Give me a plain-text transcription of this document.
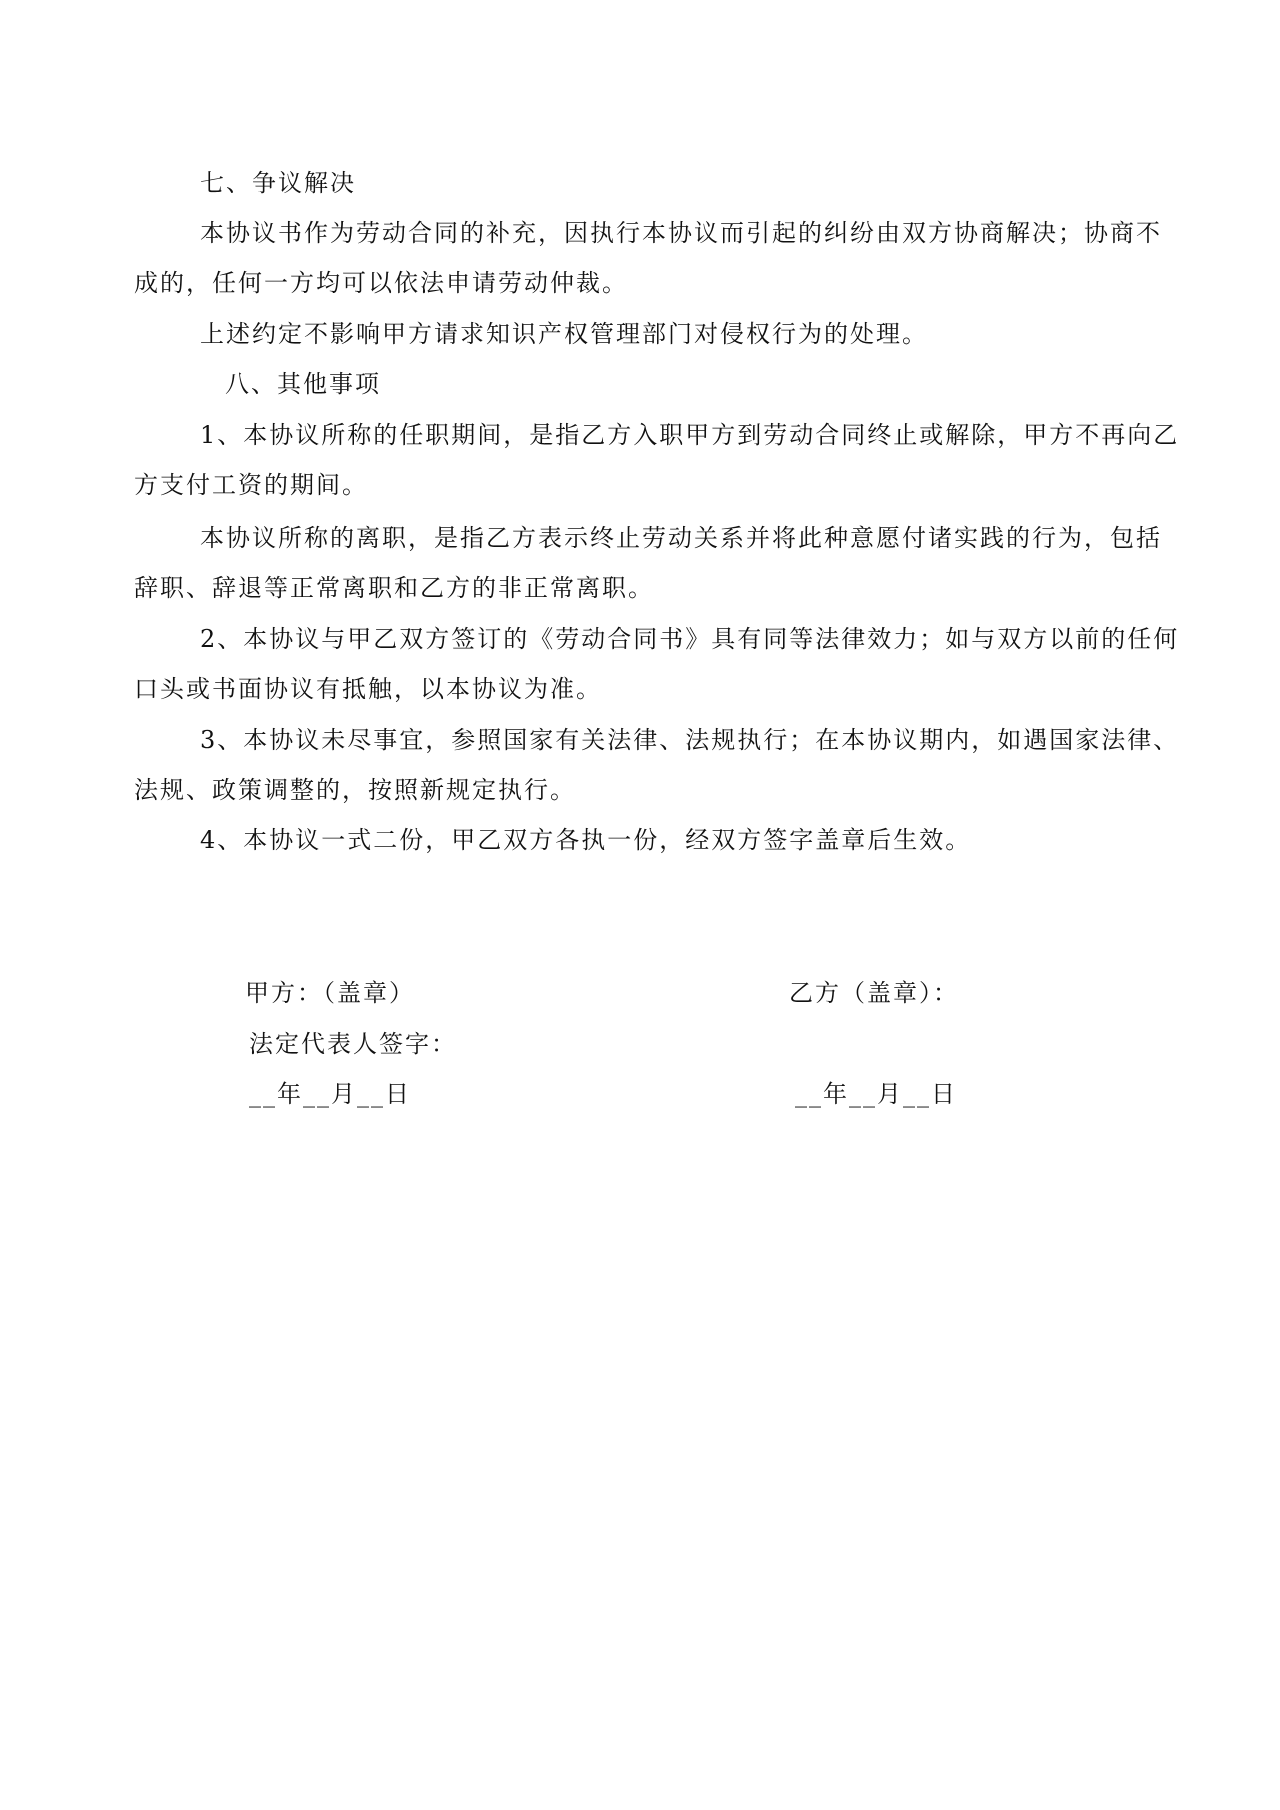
七、争议解决
本协议书作为劳动合同的补充，因执行本协议而引起的纠纷由双方协商解决；协商不
成的，任何一方均可以依法申请劳动仲裁。
上述约定不影响甲方请求知识产权管理部门对侵权行为的处理。
八、其他事项
1、本协议所称的任职期间，是指乙方入职甲方到劳动合同终止或解除，甲方不再向乙
方支付工资的期间。
本协议所称的离职，是指乙方表示终止劳动关系并将此种意愿付诸实践的行为，包括
辞职、辞退等正常离职和乙方的非正常离职。
2、本协议与甲乙双方签订的《劳动合同书》具有同等法律效力；如与双方以前的任何
口头或书面协议有抵触，以本协议为准。
3、本协议未尽事宜，参照国家有关法律、法规执行；在本协议期内，如遇国家法律、
法规、政策调整的，按照新规定执行。
4、本协议一式二份，甲乙双方各执一份，经双方签字盖章后生效。
甲方：（盖章）
法定代表人签字：
__年__月__日
乙方（盖章）：
__年__月__日
